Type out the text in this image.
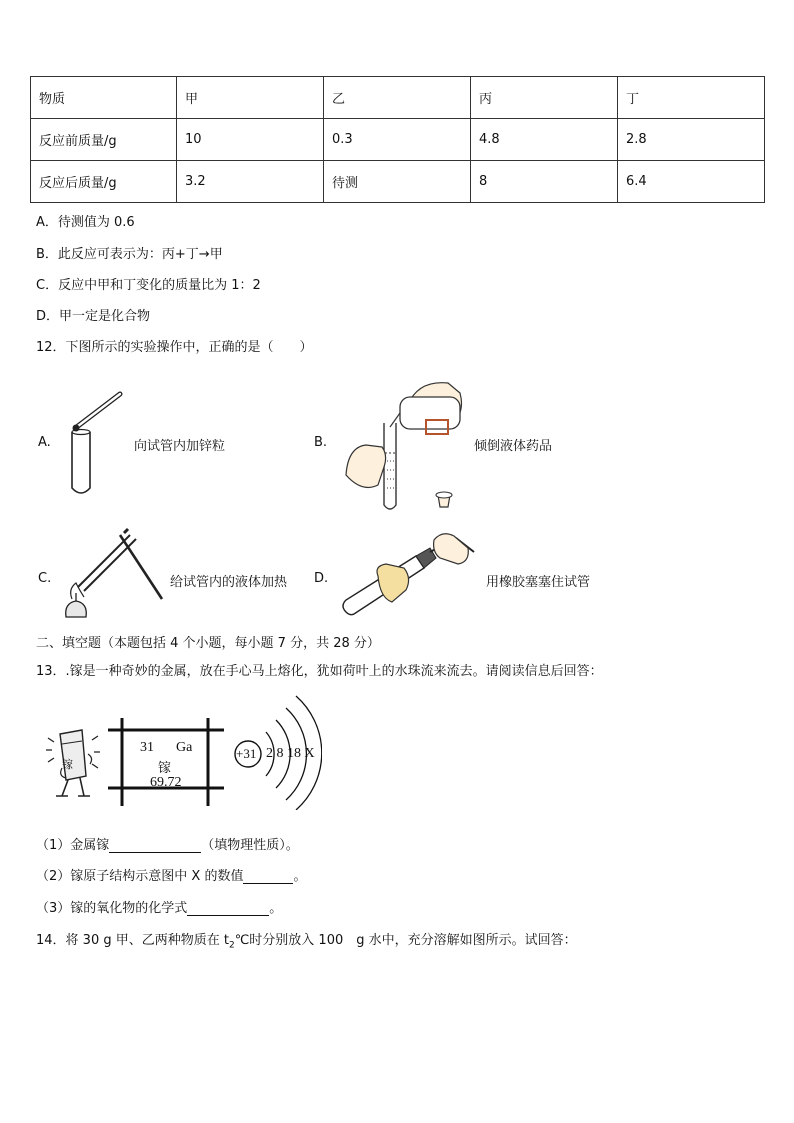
物质	甲	乙	丙	丁
反应前质量/g	10	0.3	4.8	2.8
反应后质量/g	3.2	待测	8	6.4
A．待测值为 0.6
B．此反应可表示为：丙+丁→甲
C．反应中甲和丁变化的质量比为 1：2
D．甲一定是化合物
12．下图所示的实验操作中，正确的是（　　）
A.	向试管内加锌粒	B.	倾倒液体药品
C.	给试管内的液体加热 D.	用橡胶塞塞住试管
二、填空题（本题包括 4 个小题，每小题 7 分，共 28 分）
13．.镓是一种奇妙的金属，放在手心马上熔化，犹如荷叶上的水珠流来流去。请阅读信息后回答：
镓
31 Ga
镓
69.72
+31 2 8 18 X
（1）金属镓	（填物理性质）。
（2）镓原子结构示意图中 X 的数值	。
（3）镓的氧化物的化学式	。
14．将 30 g 甲、乙两种物质在 $t_2℃$时分别放入 100　g 水中，充分溶解如图所示。试回答：
